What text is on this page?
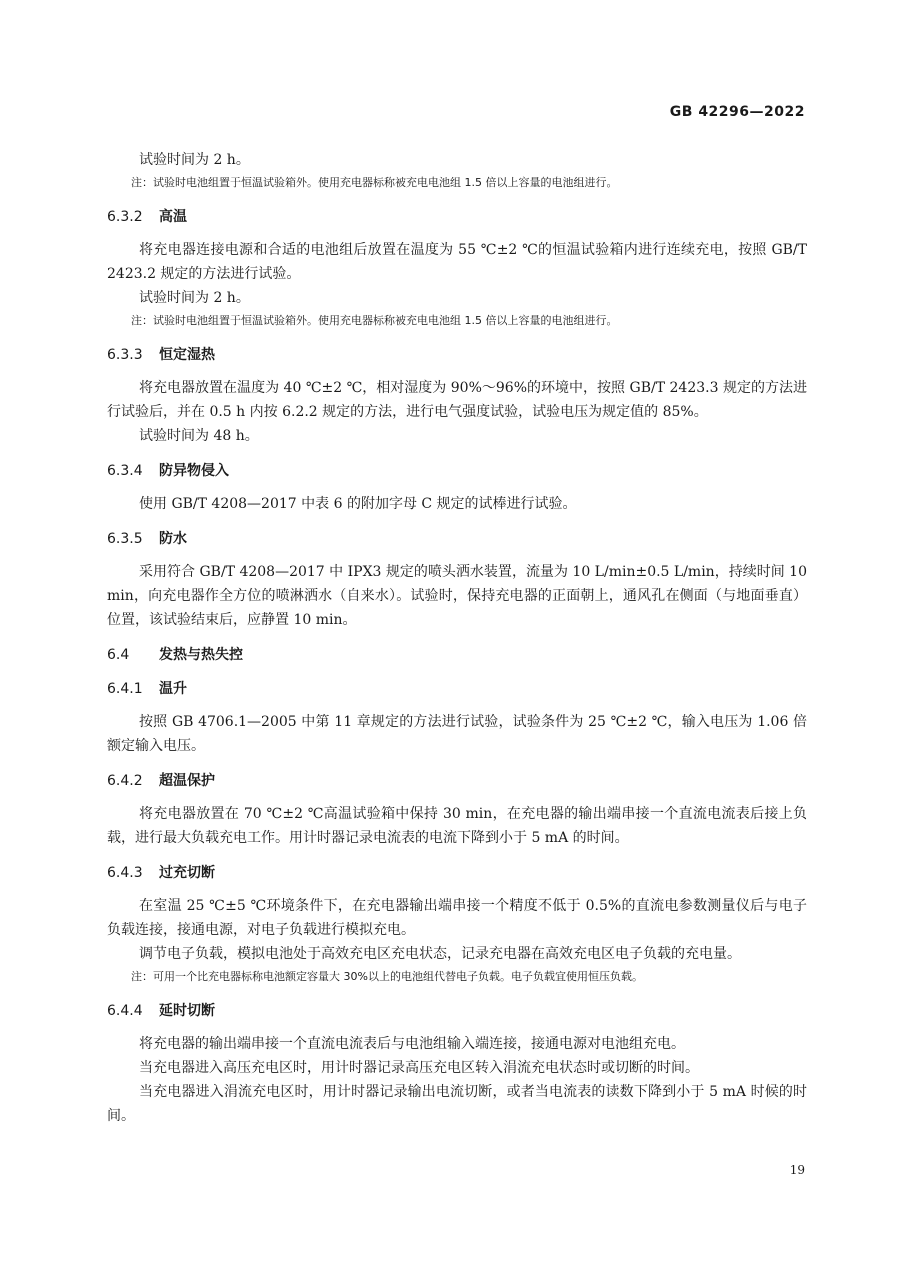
GB 42296—2022

试验时间为 2 h。

注：试验时电池组置于恒温试验箱外。使用充电器标称被充电电池组 1.5 倍以上容量的电池组进行。

6.3.2 高温

将充电器连接电源和合适的电池组后放置在温度为 55 ℃±2 ℃的恒温试验箱内进行连续充电，按照 GB/T 2423.2 规定的方法进行试验。

试验时间为 2 h。

注：试验时电池组置于恒温试验箱外。使用充电器标称被充电电池组 1.5 倍以上容量的电池组进行。

6.3.3 恒定湿热

将充电器放置在温度为 40 ℃±2 ℃，相对湿度为 90%～96%的环境中，按照 GB/T 2423.3 规定的方法进行试验后，并在 0.5 h 内按 6.2.2 规定的方法，进行电气强度试验，试验电压为规定值的 85%。

试验时间为 48 h。

6.3.4 防异物侵入

使用 GB/T 4208—2017 中表 6 的附加字母 C 规定的试棒进行试验。

6.3.5 防水

采用符合 GB/T 4208—2017 中 IPX3 规定的喷头洒水装置，流量为 10 L/min±0.5 L/min，持续时间 10 min，向充电器作全方位的喷淋洒水（自来水）。试验时，保持充电器的正面朝上，通风孔在侧面（与地面垂直）位置，该试验结束后，应静置 10 min。

6.4 发热与热失控
6.4.1 温升

按照 GB 4706.1—2005 中第 11 章规定的方法进行试验，试验条件为 25 ℃±2 ℃，输入电压为 1.06 倍额定输入电压。

6.4.2 超温保护

将充电器放置在 70 ℃±2 ℃高温试验箱中保持 30 min，在充电器的输出端串接一个直流电流表后接上负载，进行最大负载充电工作。用计时器记录电流表的电流下降到小于 5 mA 的时间。

6.4.3 过充切断

在室温 25 ℃±5 ℃环境条件下，在充电器输出端串接一个精度不低于 0.5%的直流电参数测量仪后与电子负载连接，接通电源，对电子负载进行模拟充电。

调节电子负载，模拟电池处于高效充电区充电状态，记录充电器在高效充电区电子负载的充电量。

注：可用一个比充电器标称电池额定容量大 30%以上的电池组代替电子负载。电子负载宜使用恒压负载。

6.4.4 延时切断

将充电器的输出端串接一个直流电流表后与电池组输入端连接，接通电源对电池组充电。

当充电器进入高压充电区时，用计时器记录高压充电区转入涓流充电状态时或切断的时间。

当充电器进入涓流充电区时，用计时器记录输出电流切断，或者当电流表的读数下降到小于 5 mA 时候的时间。

19
